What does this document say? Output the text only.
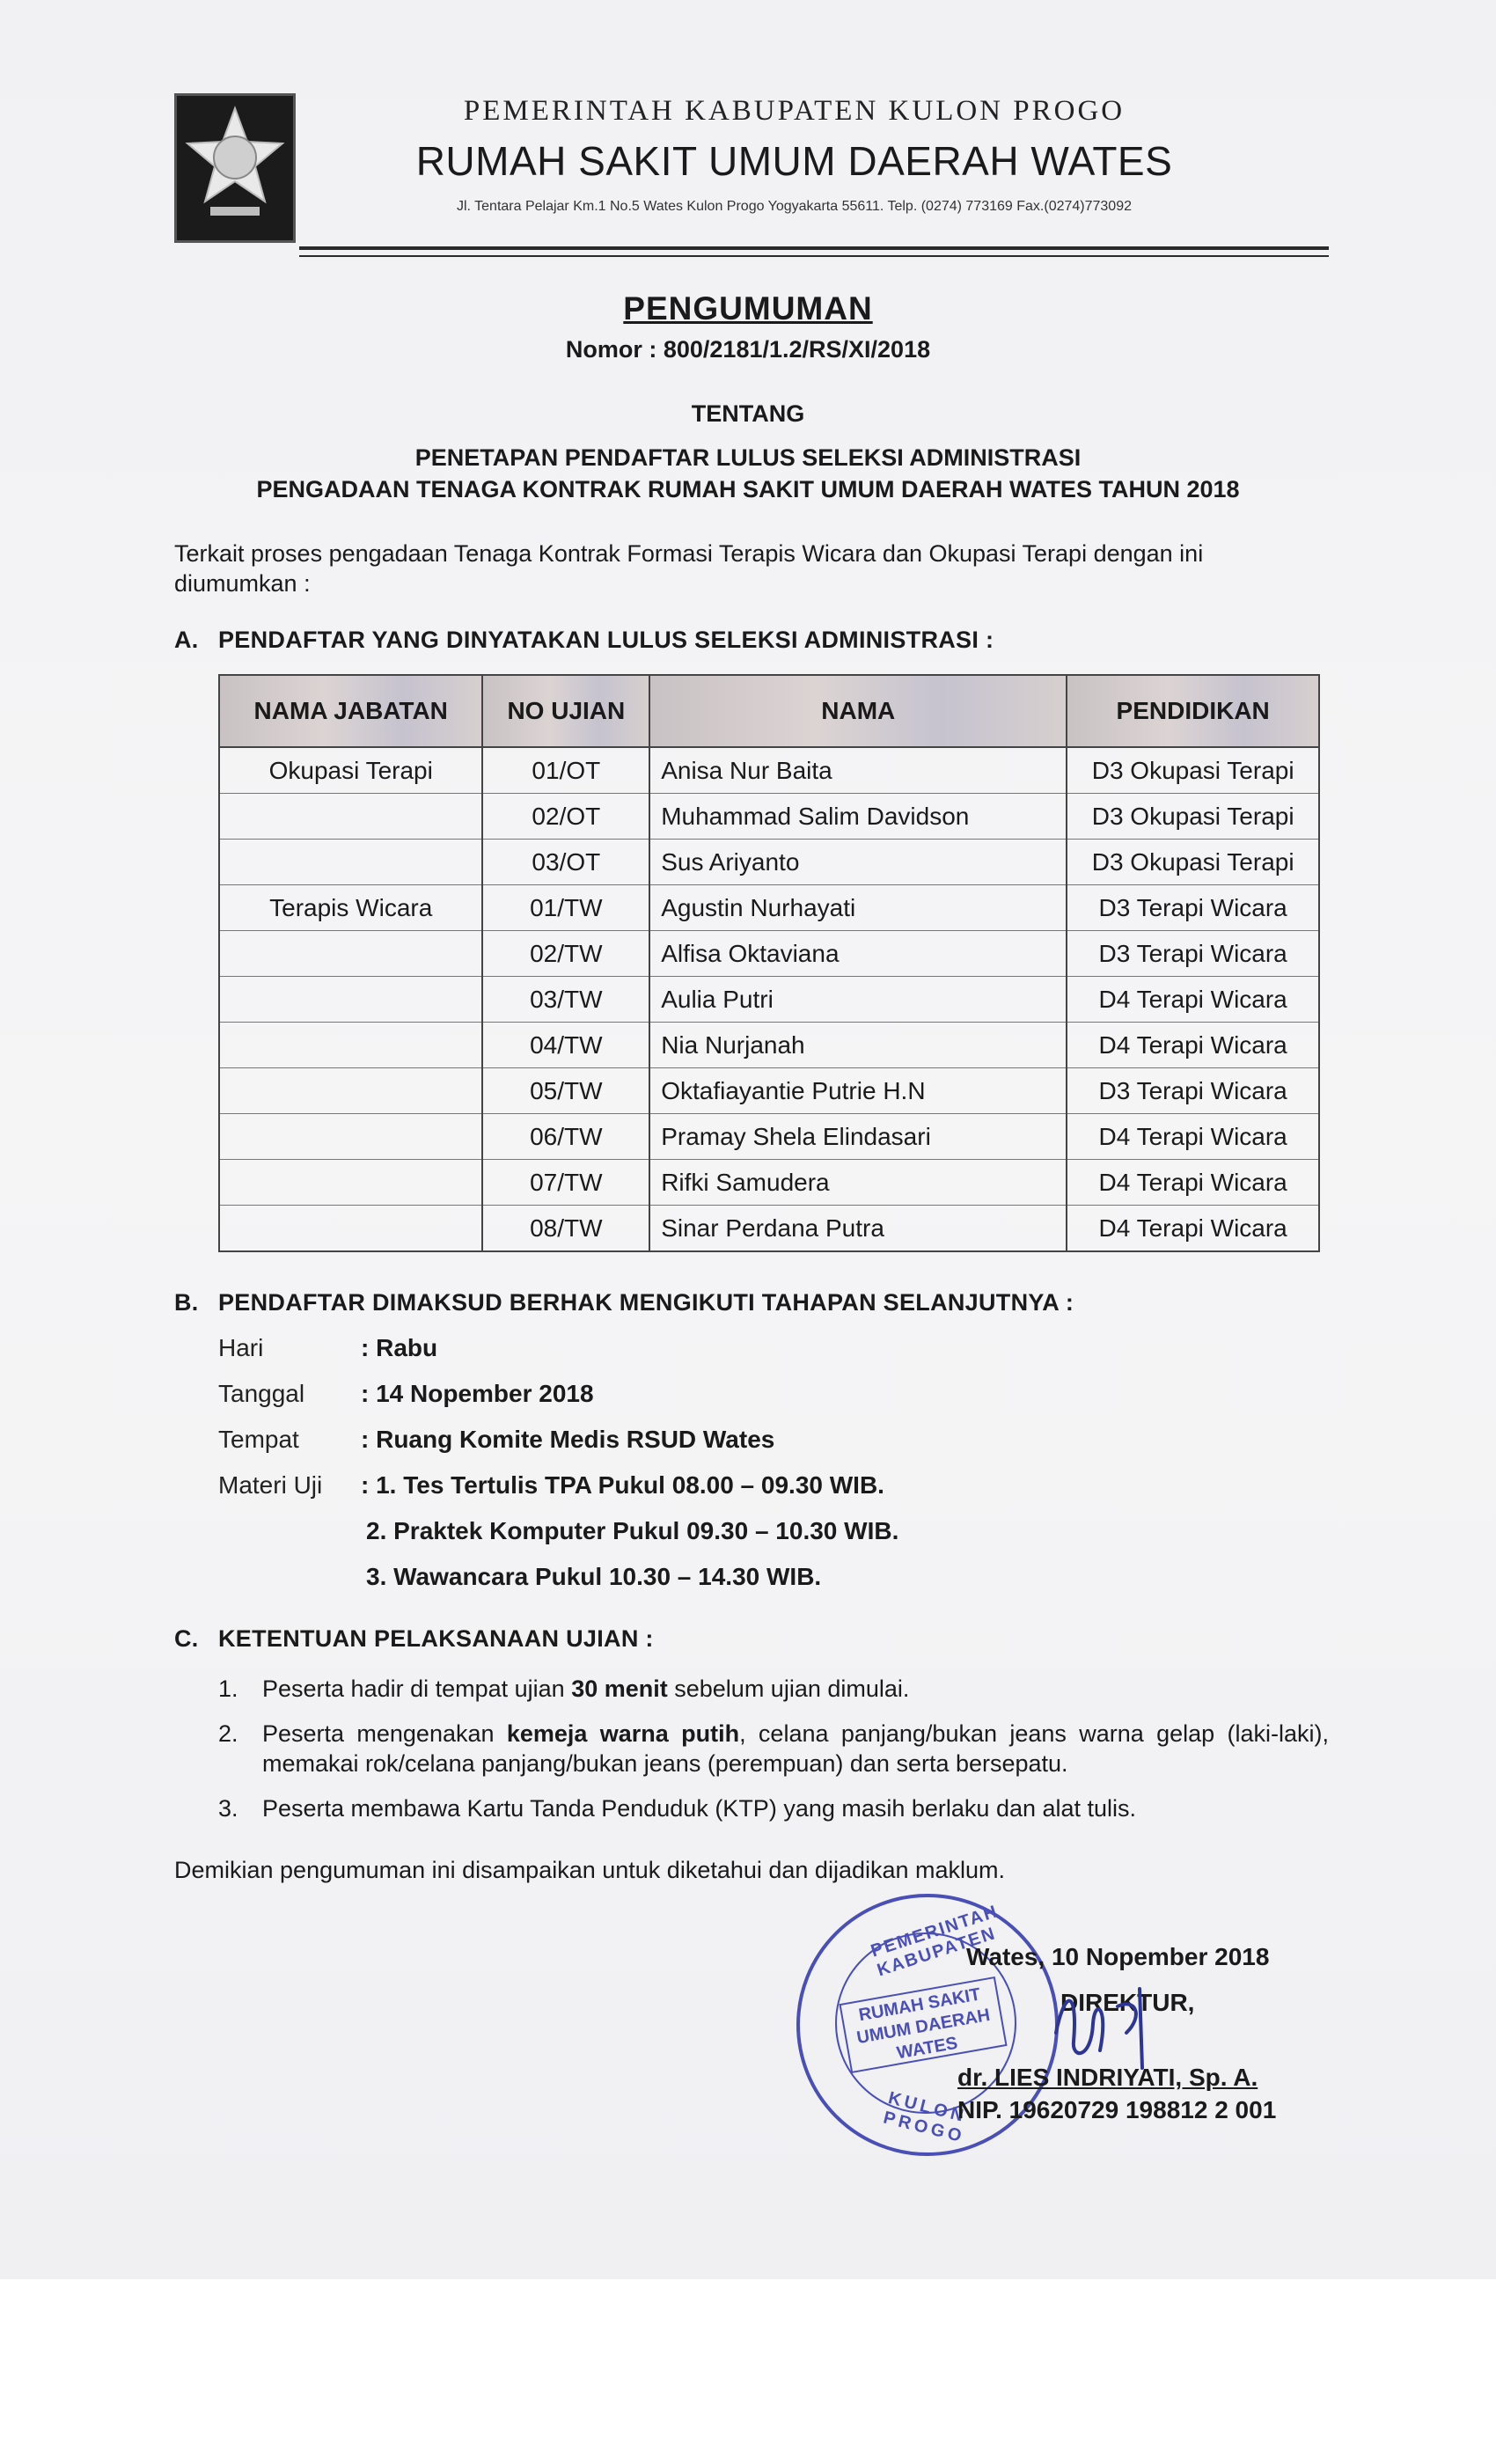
PEMERINTAH KABUPATEN KULON PROGO
RUMAH SAKIT UMUM DAERAH WATES
Jl. Tentara Pelajar Km.1 No.5 Wates Kulon Progo Yogyakarta 55611. Telp. (0274) 773169 Fax.(0274)773092
PENGUMUMAN
Nomor : 800/2181/1.2/RS/XI/2018
TENTANG
PENETAPAN PENDAFTAR LULUS SELEKSI ADMINISTRASI
PENGADAAN TENAGA KONTRAK RUMAH SAKIT UMUM DAERAH WATES TAHUN 2018
Terkait proses pengadaan Tenaga Kontrak Formasi Terapis Wicara dan Okupasi Terapi dengan ini diumumkan :
A. PENDAFTAR YANG DINYATAKAN LULUS SELEKSI ADMINISTRASI :
NAMA JABATAN	NO UJIAN	NAMA	PENDIDIKAN
Okupasi Terapi	01/OT	Anisa Nur Baita	D3 Okupasi Terapi
	02/OT	Muhammad Salim Davidson	D3 Okupasi Terapi
	03/OT	Sus Ariyanto	D3 Okupasi Terapi
Terapis Wicara	01/TW	Agustin Nurhayati	D3 Terapi Wicara
	02/TW	Alfisa Oktaviana	D3 Terapi Wicara
	03/TW	Aulia Putri	D4 Terapi Wicara
	04/TW	Nia Nurjanah	D4 Terapi Wicara
	05/TW	Oktafiayantie Putrie H.N	D3 Terapi Wicara
	06/TW	Pramay Shela Elindasari	D4 Terapi Wicara
	07/TW	Rifki Samudera	D4 Terapi Wicara
	08/TW	Sinar Perdana Putra	D4 Terapi Wicara
B. PENDAFTAR DIMAKSUD BERHAK MENGIKUTI TAHAPAN SELANJUTNYA :
Hari	: Rabu
Tanggal : 14 Nopember 2018
Tempat	: Ruang Komite Medis RSUD Wates
Materi Uji : 1. Tes Tertulis TPA Pukul 08.00 – 09.30 WIB.
2. Praktek Komputer Pukul 09.30 – 10.30 WIB.
3. Wawancara Pukul 10.30 – 14.30 WIB.
C. KETENTUAN PELAKSANAAN UJIAN :
1. Peserta hadir di tempat ujian 30 menit sebelum ujian dimulai.
2. Peserta mengenakan kemeja warna putih, celana panjang/bukan jeans warna gelap (laki-laki), memakai rok/celana panjang/bukan jeans (perempuan) dan serta bersepatu.
3. Peserta membawa Kartu Tanda Penduduk (KTP) yang masih berlaku dan alat tulis.
Demikian pengumuman ini disampaikan untuk diketahui dan dijadikan maklum.
PEMERINTAH KABUPATEN
RUMAH SAKIT UMUM DAERAH WATES
KULON PROGO
Wates, 10 Nopember 2018
DIREKTUR,
dr. LIES INDRIYATI, Sp. A.
NIP. 19620729 198812 2 001
